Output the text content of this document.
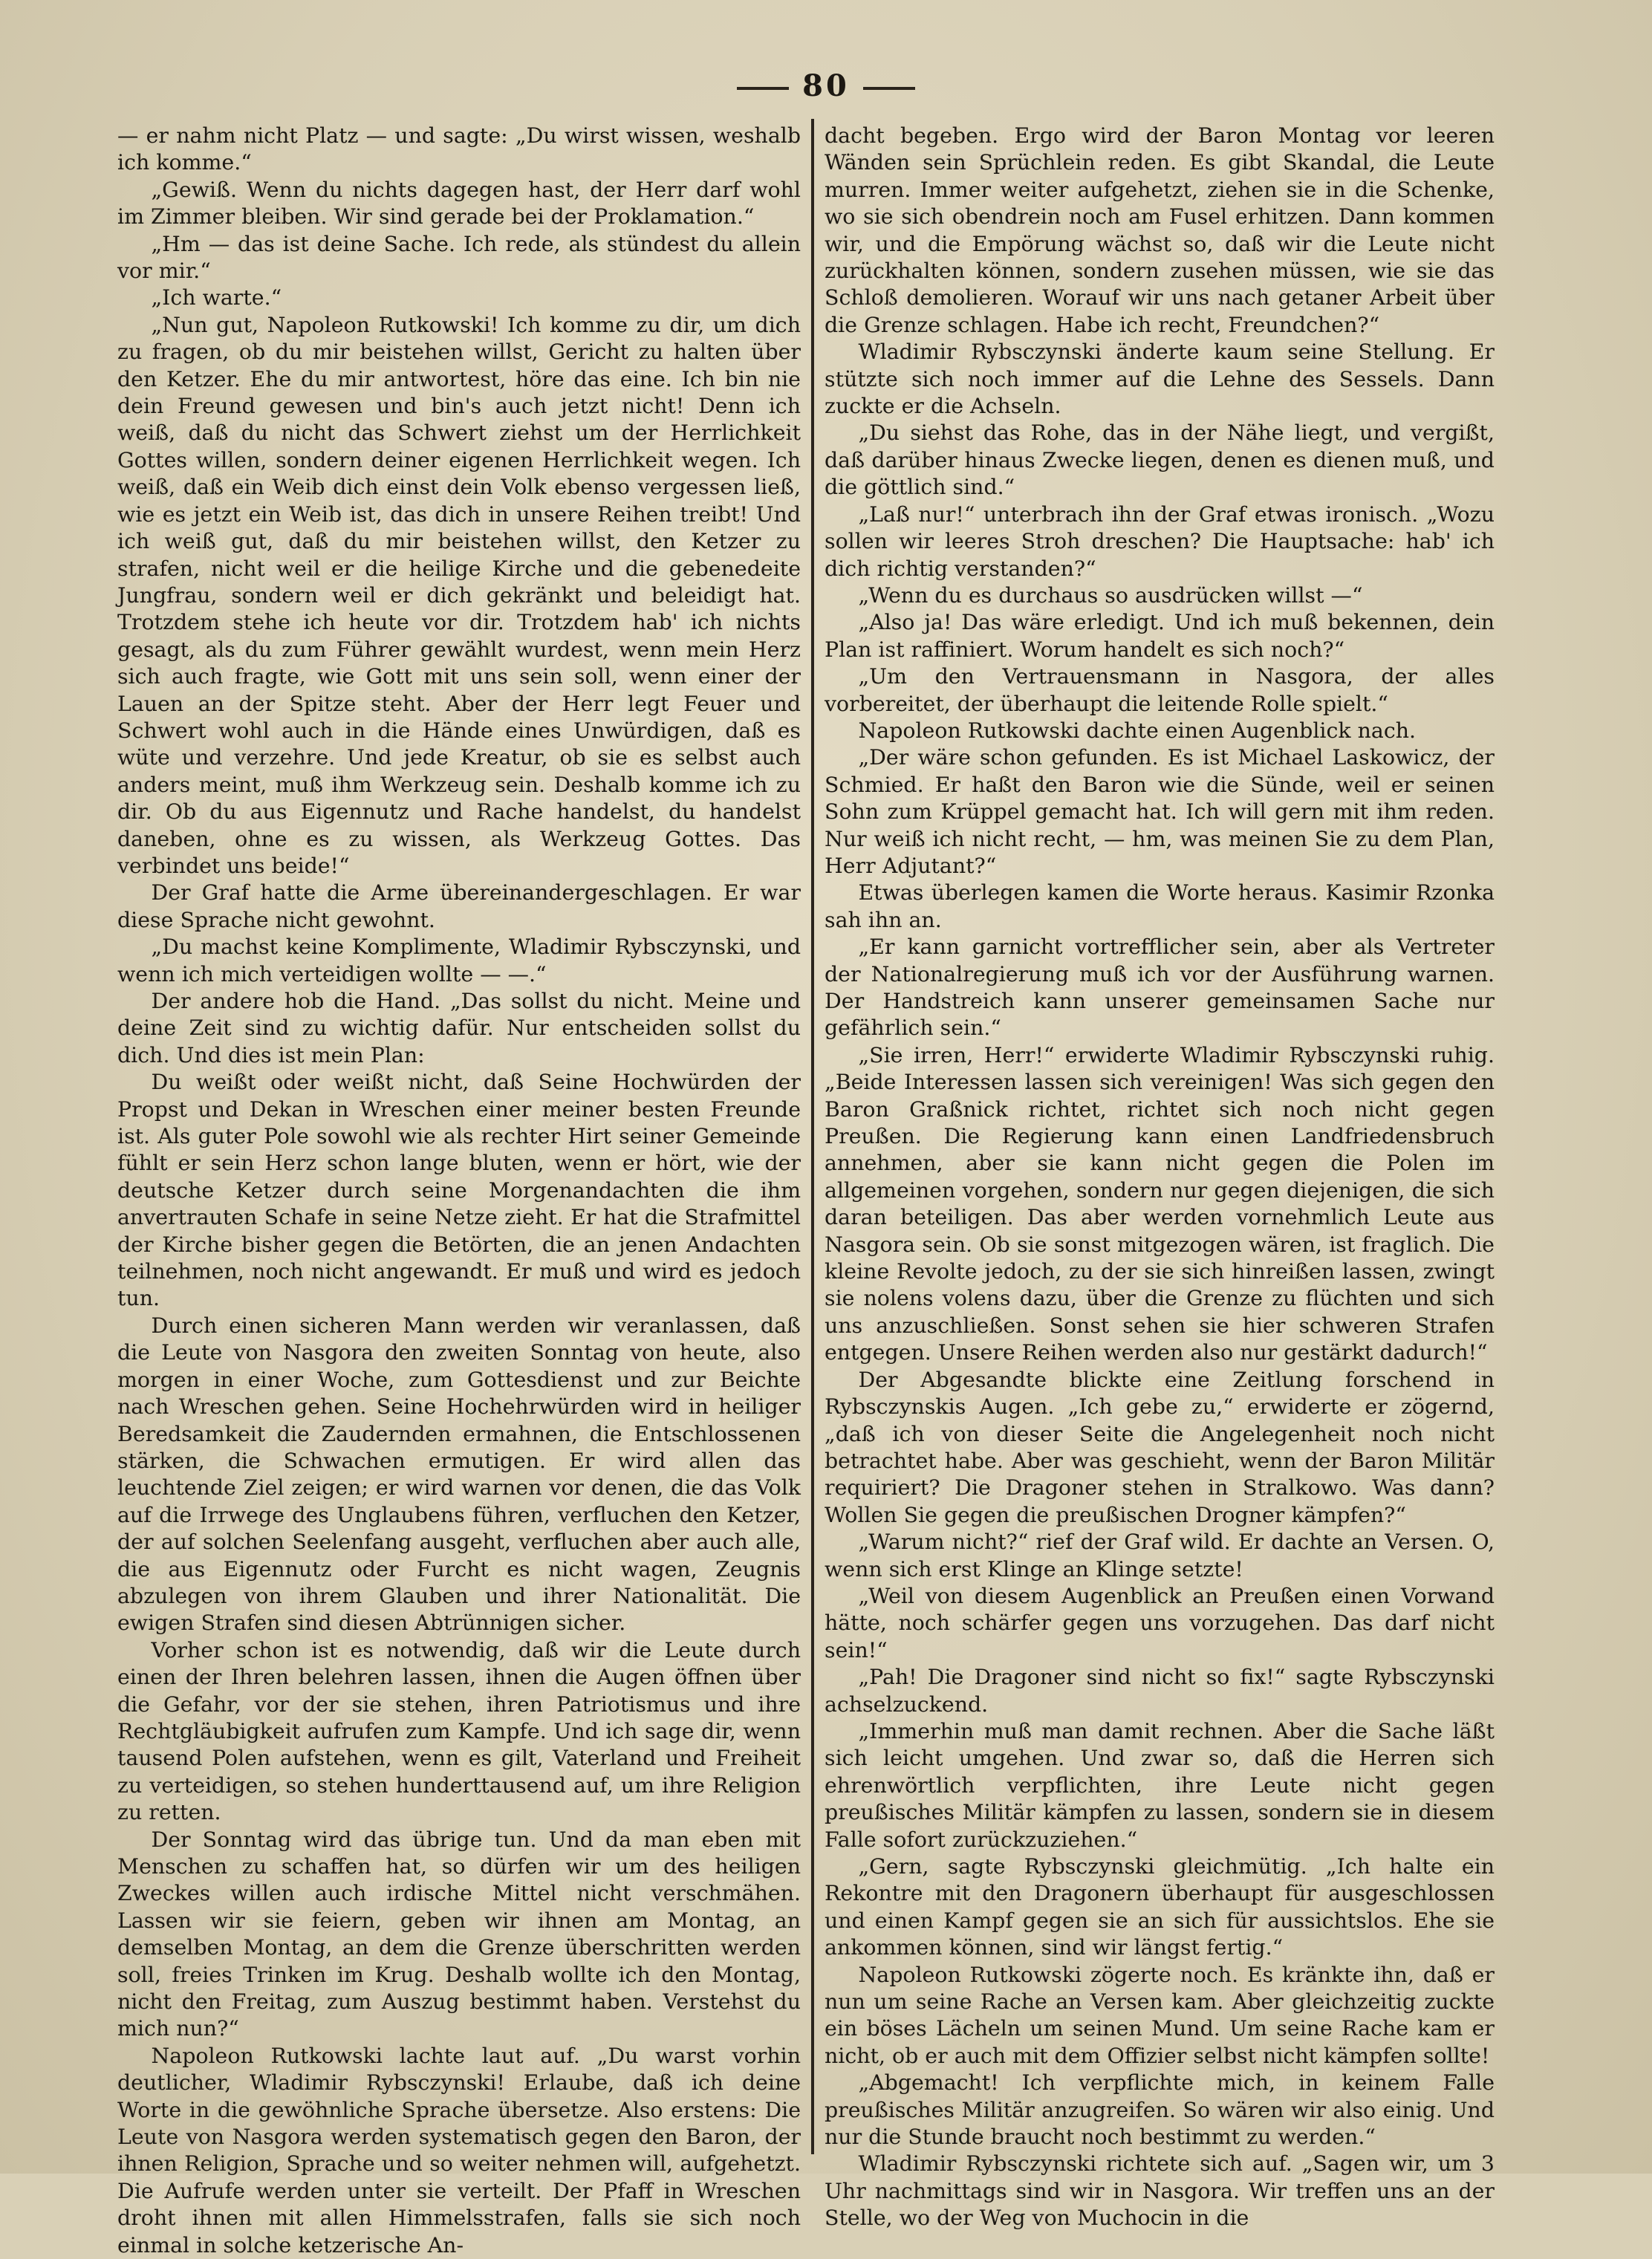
80

— er nahm nicht Platz — und sagte: „Du wirst wissen, weshalb ich komme.“

„Gewiß. Wenn du nichts dagegen hast, der Herr darf wohl im Zimmer bleiben. Wir sind gerade bei der Proklamation.“

„Hm — das ist deine Sache. Ich rede, als stündest du allein vor mir.“

„Ich warte.“

„Nun gut, Napoleon Rutkowski! Ich komme zu dir, um dich zu fragen, ob du mir beistehen willst, Gericht zu halten über den Ketzer. Ehe du mir antwortest, höre das eine. Ich bin nie dein Freund gewesen und bin's auch jetzt nicht! Denn ich weiß, daß du nicht das Schwert ziehst um der Herrlichkeit Gottes willen, sondern deiner eigenen Herrlichkeit wegen. Ich weiß, daß ein Weib dich einst dein Volk ebenso vergessen ließ, wie es jetzt ein Weib ist, das dich in unsere Reihen treibt! Und ich weiß gut, daß du mir beistehen willst, den Ketzer zu strafen, nicht weil er die heilige Kirche und die gebenedeite Jungfrau, sondern weil er dich gekränkt und beleidigt hat. Trotzdem stehe ich heute vor dir. Trotzdem hab' ich nichts gesagt, als du zum Führer gewählt wurdest, wenn mein Herz sich auch fragte, wie Gott mit uns sein soll, wenn einer der Lauen an der Spitze steht. Aber der Herr legt Feuer und Schwert wohl auch in die Hände eines Unwürdigen, daß es wüte und verzehre. Und jede Kreatur, ob sie es selbst auch anders meint, muß ihm Werkzeug sein. Deshalb komme ich zu dir. Ob du aus Eigennutz und Rache handelst, du handelst daneben, ohne es zu wissen, als Werkzeug Gottes. Das verbindet uns beide!“

Der Graf hatte die Arme übereinandergeschlagen. Er war diese Sprache nicht gewohnt.

„Du machst keine Komplimente, Wladimir Rybsczynski, und wenn ich mich verteidigen wollte — —.“

Der andere hob die Hand. „Das sollst du nicht. Meine und deine Zeit sind zu wichtig dafür. Nur entscheiden sollst du dich. Und dies ist mein Plan:

Du weißt oder weißt nicht, daß Seine Hochwürden der Propst und Dekan in Wreschen einer meiner besten Freunde ist. Als guter Pole sowohl wie als rechter Hirt seiner Gemeinde fühlt er sein Herz schon lange bluten, wenn er hört, wie der deutsche Ketzer durch seine Morgenandachten die ihm anvertrauten Schafe in seine Netze zieht. Er hat die Strafmittel der Kirche bisher gegen die Betörten, die an jenen Andachten teilnehmen, noch nicht angewandt. Er muß und wird es jedoch tun.

Durch einen sicheren Mann werden wir veranlassen, daß die Leute von Nasgora den zweiten Sonntag von heute, also morgen in einer Woche, zum Gottesdienst und zur Beichte nach Wreschen gehen. Seine Hochehrwürden wird in heiliger Beredsamkeit die Zaudernden ermahnen, die Entschlossenen stärken, die Schwachen ermutigen. Er wird allen das leuchtende Ziel zeigen; er wird warnen vor denen, die das Volk auf die Irrwege des Unglaubens führen, verfluchen den Ketzer, der auf solchen Seelenfang ausgeht, verfluchen aber auch alle, die aus Eigennutz oder Furcht es nicht wagen, Zeugnis abzulegen von ihrem Glauben und ihrer Nationalität. Die ewigen Strafen sind diesen Abtrünnigen sicher.

Vorher schon ist es notwendig, daß wir die Leute durch einen der Ihren belehren lassen, ihnen die Augen öffnen über die Gefahr, vor der sie stehen, ihren Patriotismus und ihre Rechtgläubigkeit aufrufen zum Kampfe. Und ich sage dir, wenn tausend Polen aufstehen, wenn es gilt, Vaterland und Freiheit zu verteidigen, so stehen hunderttausend auf, um ihre Religion zu retten.

Der Sonntag wird das übrige tun. Und da man eben mit Menschen zu schaffen hat, so dürfen wir um des heiligen Zweckes willen auch irdische Mittel nicht verschmähen. Lassen wir sie feiern, geben wir ihnen am Montag, an demselben Montag, an dem die Grenze überschritten werden soll, freies Trinken im Krug. Deshalb wollte ich den Montag, nicht den Freitag, zum Auszug bestimmt haben. Verstehst du mich nun?“

Napoleon Rutkowski lachte laut auf. „Du warst vorhin deutlicher, Wladimir Rybsczynski! Erlaube, daß ich deine Worte in die gewöhnliche Sprache übersetze. Also erstens: Die Leute von Nasgora werden systematisch gegen den Baron, der ihnen Religion, Sprache und so weiter nehmen will, aufgehetzt. Die Aufrufe werden unter sie verteilt. Der Pfaff in Wreschen droht ihnen mit allen Himmelsstrafen, falls sie sich noch einmal in solche ketzerische An-

dacht begeben. Ergo wird der Baron Montag vor leeren Wänden sein Sprüchlein reden. Es gibt Skandal, die Leute murren. Immer weiter aufgehetzt, ziehen sie in die Schenke, wo sie sich obendrein noch am Fusel erhitzen. Dann kommen wir, und die Empörung wächst so, daß wir die Leute nicht zurückhalten können, sondern zusehen müssen, wie sie das Schloß demolieren. Worauf wir uns nach getaner Arbeit über die Grenze schlagen. Habe ich recht, Freundchen?“

Wladimir Rybsczynski änderte kaum seine Stellung. Er stützte sich noch immer auf die Lehne des Sessels. Dann zuckte er die Achseln.

„Du siehst das Rohe, das in der Nähe liegt, und vergißt, daß darüber hinaus Zwecke liegen, denen es dienen muß, und die göttlich sind.“

„Laß nur!“ unterbrach ihn der Graf etwas ironisch. „Wozu sollen wir leeres Stroh dreschen? Die Hauptsache: hab' ich dich richtig verstanden?“

„Wenn du es durchaus so ausdrücken willst —“

„Also ja! Das wäre erledigt. Und ich muß bekennen, dein Plan ist raffiniert. Worum handelt es sich noch?“

„Um den Vertrauensmann in Nasgora, der alles vorbereitet, der überhaupt die leitende Rolle spielt.“

Napoleon Rutkowski dachte einen Augenblick nach.

„Der wäre schon gefunden. Es ist Michael Laskowicz, der Schmied. Er haßt den Baron wie die Sünde, weil er seinen Sohn zum Krüppel gemacht hat. Ich will gern mit ihm reden. Nur weiß ich nicht recht, — hm, was meinen Sie zu dem Plan, Herr Adjutant?“

Etwas überlegen kamen die Worte heraus. Kasimir Rzonka sah ihn an.

„Er kann garnicht vortrefflicher sein, aber als Vertreter der Nationalregierung muß ich vor der Ausführung warnen. Der Handstreich kann unserer gemeinsamen Sache nur gefährlich sein.“

„Sie irren, Herr!“ erwiderte Wladimir Rybsczynski ruhig. „Beide Interessen lassen sich vereinigen! Was sich gegen den Baron Graßnick richtet, richtet sich noch nicht gegen Preußen. Die Regierung kann einen Landfriedensbruch annehmen, aber sie kann nicht gegen die Polen im allgemeinen vorgehen, sondern nur gegen diejenigen, die sich daran beteiligen. Das aber werden vornehmlich Leute aus Nasgora sein. Ob sie sonst mitgezogen wären, ist fraglich. Die kleine Revolte jedoch, zu der sie sich hinreißen lassen, zwingt sie nolens volens dazu, über die Grenze zu flüchten und sich uns anzuschließen. Sonst sehen sie hier schweren Strafen entgegen. Unsere Reihen werden also nur gestärkt dadurch!“

Der Abgesandte blickte eine Zeitlung forschend in Rybsczynskis Augen. „Ich gebe zu,“ erwiderte er zögernd, „daß ich von dieser Seite die Angelegenheit noch nicht betrachtet habe. Aber was geschieht, wenn der Baron Militär requiriert? Die Dragoner stehen in Stralkowo. Was dann? Wollen Sie gegen die preußischen Drogner kämpfen?“

„Warum nicht?“ rief der Graf wild. Er dachte an Versen. O, wenn sich erst Klinge an Klinge setzte!

„Weil von diesem Augenblick an Preußen einen Vorwand hätte, noch schärfer gegen uns vorzugehen. Das darf nicht sein!“

„Pah! Die Dragoner sind nicht so fix!“ sagte Rybsczynski achselzuckend.

„Immerhin muß man damit rechnen. Aber die Sache läßt sich leicht umgehen. Und zwar so, daß die Herren sich ehrenwörtlich verpflichten, ihre Leute nicht gegen preußisches Militär kämpfen zu lassen, sondern sie in diesem Falle sofort zurückzuziehen.“

„Gern, sagte Rybsczynski gleichmütig. „Ich halte ein Rekontre mit den Dragonern überhaupt für ausgeschlossen und einen Kampf gegen sie an sich für aussichtslos. Ehe sie ankommen können, sind wir längst fertig.“

Napoleon Rutkowski zögerte noch. Es kränkte ihn, daß er nun um seine Rache an Versen kam. Aber gleichzeitig zuckte ein böses Lächeln um seinen Mund. Um seine Rache kam er nicht, ob er auch mit dem Offizier selbst nicht kämpfen sollte!

„Abgemacht! Ich verpflichte mich, in keinem Falle preußisches Militär anzugreifen. So wären wir also einig. Und nur die Stunde braucht noch bestimmt zu werden.“

Wladimir Rybsczynski richtete sich auf. „Sagen wir, um 3 Uhr nachmittags sind wir in Nasgora. Wir treffen uns an der Stelle, wo der Weg von Muchocin in die
